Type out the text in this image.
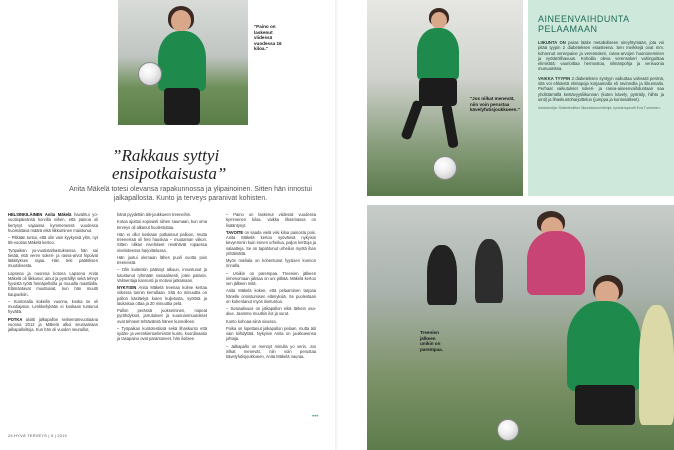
"Paino on laskenut viidessä vuodessa 16 kiloa."
”Rakkaus syttyi ensipotkaisusta”
Anita Mäkelä totesi olevansa rapakunnossa ja ylipainoinen. Sitten hän innostui jalkapallosta. Kunto ja terveys paranivat kohisten.

HELSINKILÄINEN Anita Mäkelä havahtui yo-vuotispäivänsä korvilla siihen, että painoa oli kertynyt vajaassa kymmenessä vuodessa huomattava määrä eikä liikkuminen maistunut.

– Pitkään tuntui, että olin vain kyykyssä ylös, nyt 55-vuotias Mäkelä kertoo.

Työpaikan yo-vuotistarkastuksessa hän sai tietää, että veren sokeri- ja rasva-arvot hipoivat lääkityksen rajaa. Hän teki päätöksen muutoksesta.

Lapsena ja nuorena kotona Lapsena Anita Mäkelä oli liikkunut, ainut ja pyöräillyt sekä tehnyt fyysistä työtä heinäpelloilla ja muualla maatilalla. Elämäntavat muuttuivat, kun hän muutti kaupunkiin.

– Kuntosalia kokeilin vuonna, koska se oli muotiajatus. Lenkkeilykään ei koskaan tuntunut hyvältä.

POTKA aloitti jalkapallon seitsemänvuotiaana vuonna 2012 ja Mäkelä alkoi seuraamaan jalkapalloiltoja. Kun hän oli vuoden seuraillut,

hänä pyydettiin äiti-joukkueen treeneihin.

Kotoa ajoittui sopivasti siihen saumaan, kun oma terveys oli alkanut huolestuttaa.

Hän ei ollut koskaan potkaissut palloon, mutta treeneissä oli heti hauskaa – muutaman viikon. Sitten nilkan nivelsiteet revähtivät ropaessa nivelsiteessa harjoittelussa.

Hän joutui olemaan lähes puoli vuotta pois treeneistä.

– Olin kuitenkin päässyt alkuun, innostunut ja tutustunut ryhmään sosiaalisesti, joten palasin. Valmentaja kannusti ja motivoi jatkamaan.

NYKYISIN Anita Mäkelä treenaa kolme kertaa viikossa tunnin kerrallaan. Sitä 4o minuuttia on pallon käsittelyä kuten kuljetusta, syöttöä ja laukaisua ottaa ja 20 minuuttia pelä.

Pallon perässä juokseminen, nopeat pyrähdykset, jarrutukset ja suunnanmuutokset ovat tehneet tehtävänsä hänen kunnolleen.

– Työpaikan kuntotestissä sekä lihaskunto että sydän- ja verenkiertoelimistön kunto, koordinaatio ja tasapaino ovat parantuneet, hän iloitsee.

– Paino on laskenut viidessä vuodessa kymmenen kiloa, vaikka lihasmassa on lisääntynyt.

TAVOITE on saada vielä viisi kiloa painosta pois. Anita Mäkelä kertoo syövänsä nykyisin kevyemmin kuin ennen urheilua, paljon kerttoja ja salaatteja. Se on tapahtunut urheilun myötä ihan yrittämättä.

Myös mieliala on kohentunut fyysisen kunnon rinnalla.

– Uniikin on parempaa. Treenien jälkeen nimenomaan jaksaa on uni pitkää. Mäkelä kertoo sen jälkeen mitä.

Anita Mäkelä kokee, että pelaaminen tarjoaa hänelle onnistumisen elämyksiä. Se puolestaan on kohentanut myös itsetuntoa.

– Sosiaalisuus on jalkapallon eikä tärkein osa-alue. Jaamme muutkin ilot ja surut.

Kunto kohoaa siinä sivussa.

Poika on lopettanut jalkapallon pelaan, mutta äiti vain kiihdyttää. Nykyisin Anita on joukkueensa johtaja.

– Jalkapallo on mennyt minulla yo verin. Jos nilkat menevät, niin voin perustaa kävelyfutisjoukkueen, Anita Mäkelä nauraa.

•••
24 HYVÄ TERVEYS | 5 | 2019
"Jos nilkat menevät, niin voin perustaa kävelyfutisjoukkueen."
AINEENVAIHDUNTA PELAAMAAN

LIIKUNTA ON paras lääke metaboliseen oireyhtymään, jota voi pitää tyypin 2 diabeteksen esiasteena. Sen merkkejä ovat mm. kohonnut verenpaine ja verensokeri, rasva-arvojen huononeminen ja vyötärölihavuus. Kohoilla oleva verensokeri vahingoittaa elimistöä: vaurioittaa hermostoa, silmänpohja ja verisuonia munuaisissa.

VAIKKA TYYPIN 2 diabeteksen syntyyn vaikuttaa vahvasti perimä, sitä voi ehkäistä elintapoja korjaamalla eli ravinnolla ja liikunnalla. Perhaat vaikutukset sokeri- ja rasva-aineenvaihduntaan saa yhdistämällä kestävyysliikunnan (kuten kävely, pyöräily, hiihto ja uinti) ja lihaskuntoharjoittelun (jumppa ja kuntosaliteet).

Asiantuntija: Diabetesliiton liikuntasuunnittelija, fysioterapeutti Eva Tuominen.
Treenien jälkeen unikin on parempaa.
